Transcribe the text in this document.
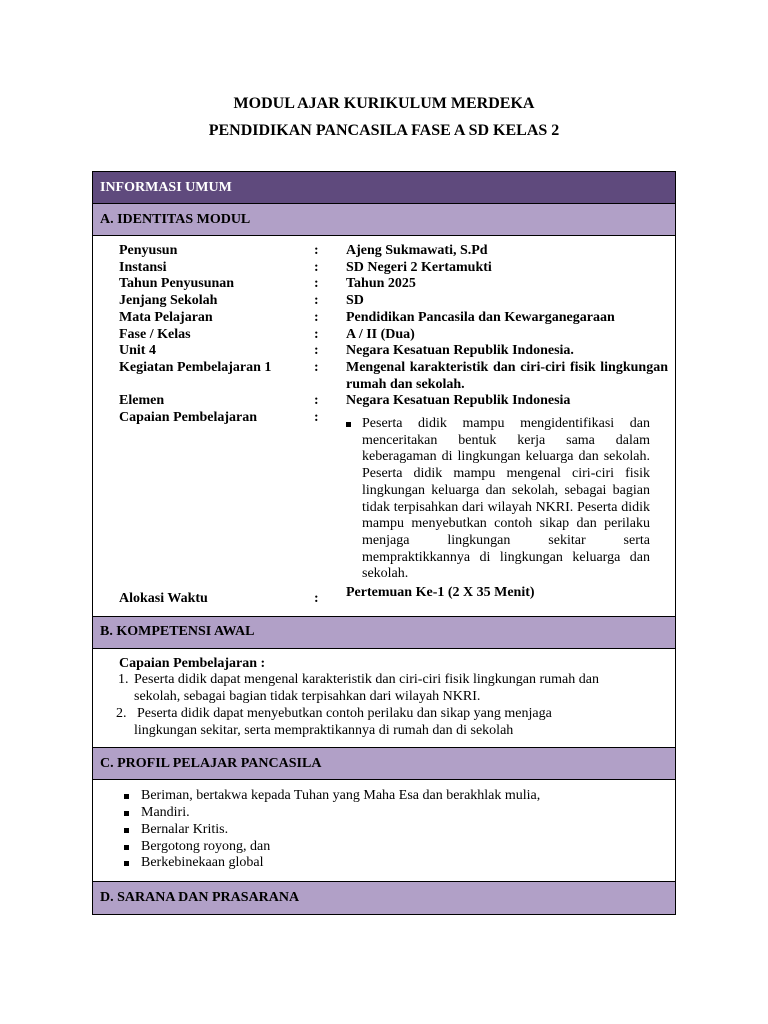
MODUL AJAR KURIKULUM MERDEKA

PENDIDIKAN PANCASILA FASE A SD KELAS 2

INFORMASI UMUM
A. IDENTITAS MODUL
Penyusun	:	Ajeng Sukmawati, S.Pd
Instansi	:	SD Negeri 2 Kertamukti
Tahun Penyusunan	:	Tahun 2025
Jenjang Sekolah	:	SD
Mata Pelajaran	:	Pendidikan Pancasila dan Kewarganegaraan
Fase / Kelas	:	A / II (Dua)
Unit 4	:	Negara Kesatuan Republik Indonesia.
Kegiatan Pembelajaran 1	:	Mengenal karakteristik dan ciri-ciri fisik lingkungan rumah dan sekolah.
Elemen	:	Negara Kesatuan Republik Indonesia
Capaian Pembelajaran	:	Peserta didik mampu mengidentifikasi dan menceritakan bentuk kerja sama dalam keberagaman di lingkungan keluarga dan sekolah. Peserta didik mampu mengenal ciri-ciri fisik lingkungan keluarga dan sekolah, sebagai bagian tidak terpisahkan dari wilayah NKRI. Peserta didik mampu menyebutkan contoh sikap dan perilaku menjaga lingkungan sekitar serta mempraktikkannya di lingkungan keluarga dan sekolah.
Alokasi Waktu	:	Pertemuan Ke-1 (2 X 35 Menit)
B. KOMPETENSI AWAL
Capaian Pembelajaran :
1. Peserta didik dapat mengenal karakteristik dan ciri-ciri fisik lingkungan rumah dan
sekolah, sebagai bagian tidak terpisahkan dari wilayah NKRI.
2. Peserta didik dapat menyebutkan contoh perilaku dan sikap yang menjaga
lingkungan sekitar, serta mempraktikannya di rumah dan di sekolah
C. PROFIL PELAJAR PANCASILA
Beriman, bertakwa kepada Tuhan yang Maha Esa dan berakhlak mulia,
Mandiri.
Bernalar Kritis.
Bergotong royong, dan
Berkebinekaan global
D. SARANA DAN PRASARANA
